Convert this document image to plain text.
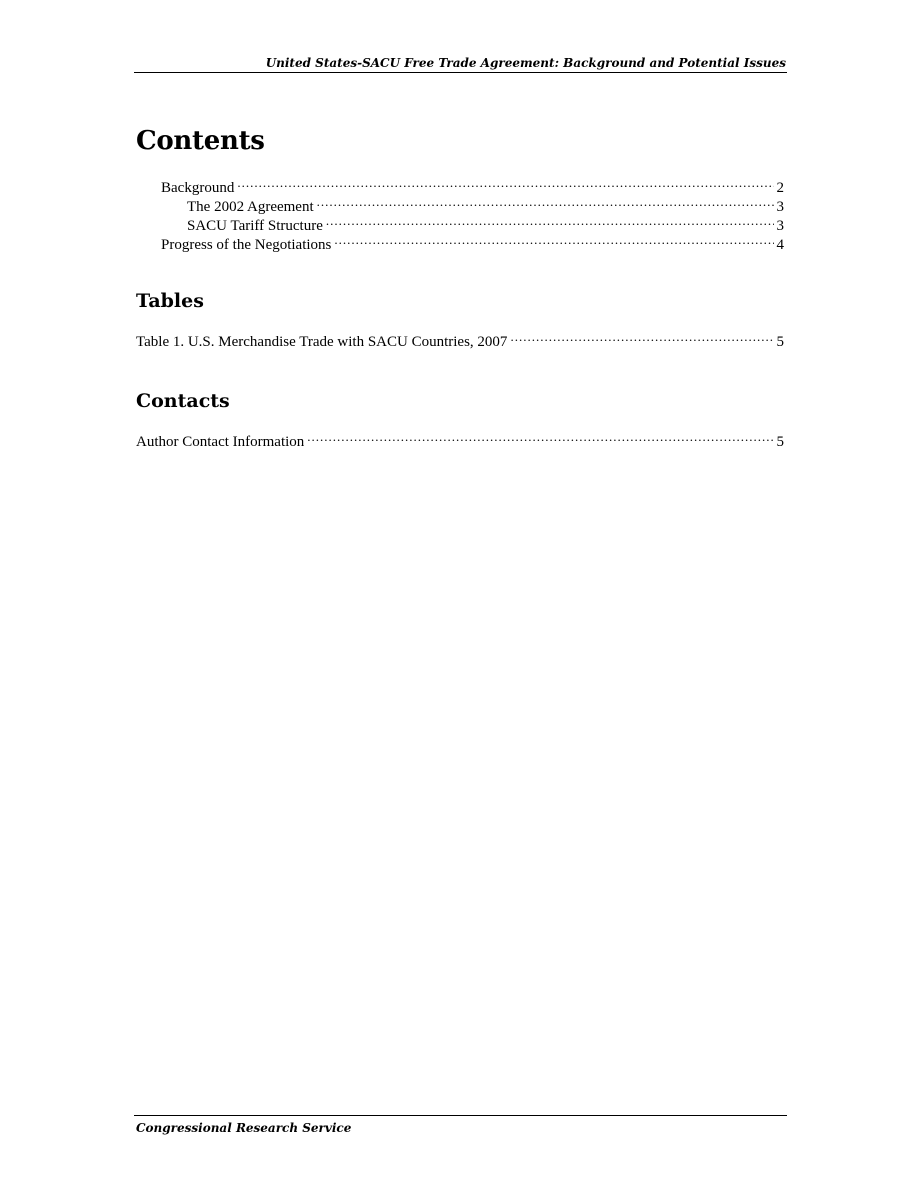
United States-SACU Free Trade Agreement: Background and Potential Issues
Contents
Background .....	2
The 2002 Agreement .....	3
SACU Tariff Structure .....	3
Progress of the Negotiations .....	4
Tables
Table 1. U.S. Merchandise Trade with SACU Countries, 2007 .....	5
Contacts
Author Contact Information .....	5
Congressional Research Service
